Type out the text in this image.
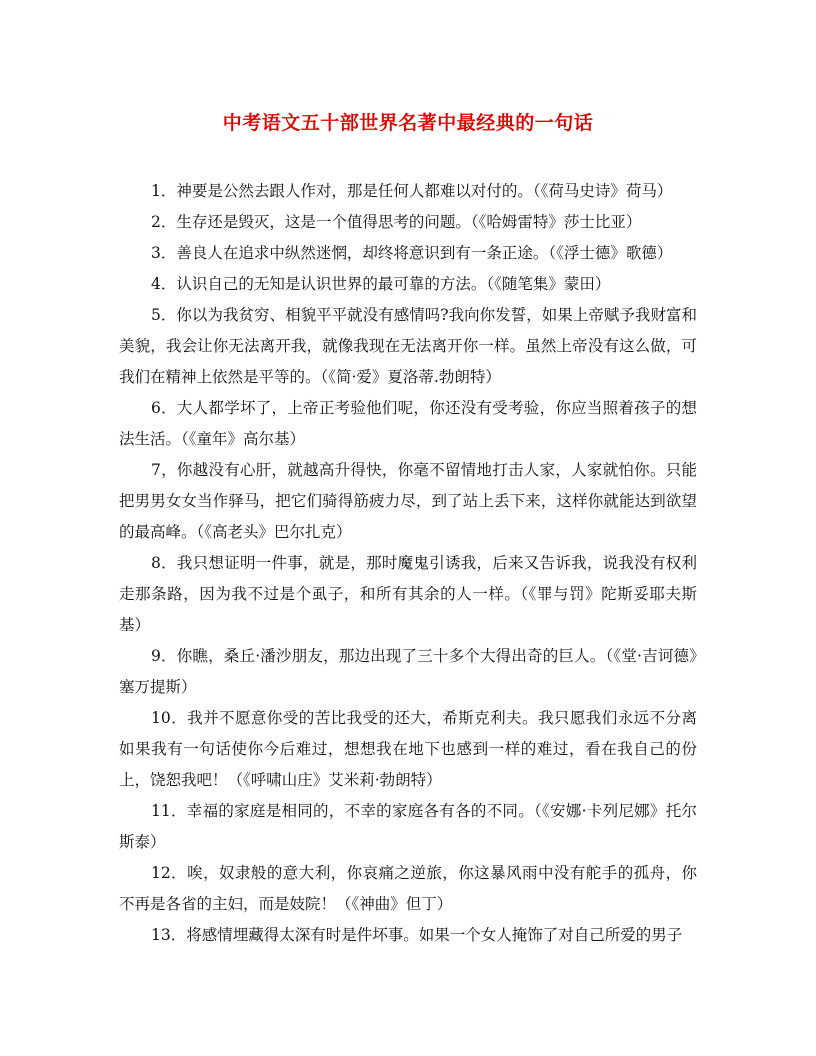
中考语文五十部世界名著中最经典的一句话

1．神要是公然去跟人作对，那是任何人都难以对付的。（《荷马史诗》荷马）

2．生存还是毁灭，这是一个值得思考的问题。（《哈姆雷特》莎士比亚）

3．善良人在追求中纵然迷惘，却终将意识到有一条正途。（《浮士德》歌德）

4．认识自己的无知是认识世界的最可靠的方法。（《随笔集》蒙田）

5．你以为我贫穷、相貌平平就没有感情吗?我向你发誓，如果上帝赋予我财富和美貌，我会让你无法离开我，就像我现在无法离开你一样。虽然上帝没有这么做，可我们在精神上依然是平等的。（《简·爱》夏洛蒂.勃朗特）

6．大人都学坏了，上帝正考验他们呢，你还没有受考验，你应当照着孩子的想法生活。（《童年》高尔基）

7，你越没有心肝，就越高升得快，你毫不留情地打击人家，人家就怕你。只能把男男女女当作驿马，把它们骑得筋疲力尽，到了站上丢下来，这样你就能达到欲望的最高峰。（《高老头》巴尔扎克）

8．我只想证明一件事，就是，那时魔鬼引诱我，后来又告诉我，说我没有权利走那条路，因为我不过是个虱子，和所有其余的人一样。（《罪与罚》陀斯妥耶夫斯基）

9．你瞧，桑丘·潘沙朋友，那边出现了三十多个大得出奇的巨人。（《堂·吉诃德》塞万提斯）

10．我并不愿意你受的苦比我受的还大，希斯克利夫。我只愿我们永远不分离如果我有一句话使你今后难过，想想我在地下也感到一样的难过，看在我自己的份上，饶恕我吧！（《呼啸山庄》艾米莉·勃朗特）

11．幸福的家庭是相同的，不幸的家庭各有各的不同。（《安娜·卡列尼娜》托尔斯泰）

12．唉，奴隶般的意大利，你哀痛之逆旅，你这暴风雨中没有舵手的孤舟，你不再是各省的主妇，而是妓院！（《神曲》但丁）

13．将感情埋藏得太深有时是件坏事。如果一个女人掩饰了对自己所爱的男子
